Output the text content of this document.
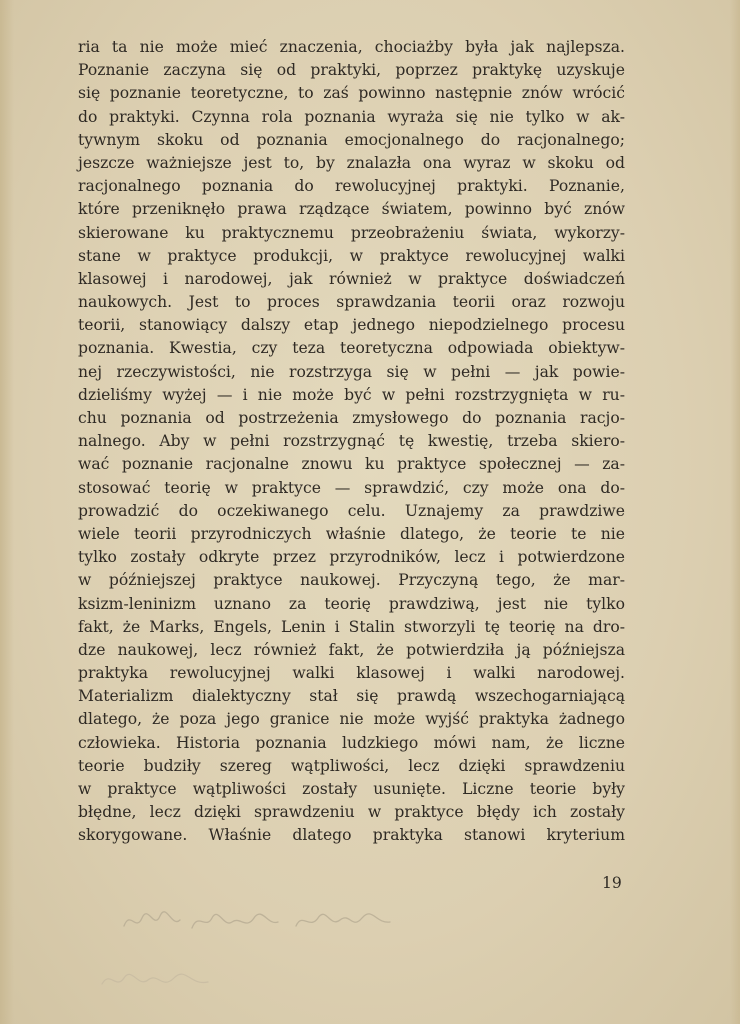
ria ta nie może mieć znaczenia, chociażby była jak najlepsza.
Poznanie zaczyna się od praktyki, poprzez praktykę uzyskuje
się poznanie teoretyczne, to zaś powinno następnie znów wrócić
do praktyki. Czynna rola poznania wyraża się nie tylko w ak-
tywnym skoku od poznania emocjonalnego do racjonalnego;
jeszcze ważniejsze jest to, by znalazła ona wyraz w skoku od
racjonalnego poznania do rewolucyjnej praktyki. Poznanie,
które przeniknęło prawa rządzące światem, powinno być znów
skierowane ku praktycznemu przeobrażeniu świata, wykorzy-
stane w praktyce produkcji, w praktyce rewolucyjnej walki
klasowej i narodowej, jak również w praktyce doświadczeń
naukowych. Jest to proces sprawdzania teorii oraz rozwoju
teorii, stanowiący dalszy etap jednego niepodzielnego procesu
poznania. Kwestia, czy teza teoretyczna odpowiada obiektyw-
nej rzeczywistości, nie rozstrzyga się w pełni — jak powie-
dzieliśmy wyżej — i nie może być w pełni rozstrzygnięta w ru-
chu poznania od postrzeżenia zmysłowego do poznania racjo-
nalnego. Aby w pełni rozstrzygnąć tę kwestię, trzeba skiero-
wać poznanie racjonalne znowu ku praktyce społecznej — za-
stosować teorię w praktyce — sprawdzić, czy może ona do-
prowadzić do oczekiwanego celu. Uznajemy za prawdziwe
wiele teorii przyrodniczych właśnie dlatego, że teorie te nie
tylko zostały odkryte przez przyrodników, lecz i potwierdzone
w późniejszej praktyce naukowej. Przyczyną tego, że mar-
ksizm-leninizm uznano za teorię prawdziwą, jest nie tylko
fakt, że Marks, Engels, Lenin i Stalin stworzyli tę teorię na dro-
dze naukowej, lecz również fakt, że potwierdziła ją późniejsza
praktyka rewolucyjnej walki klasowej i walki narodowej.
Materializm dialektyczny stał się prawdą wszechogarniającą
dlatego, że poza jego granice nie może wyjść praktyka żadnego
człowieka. Historia poznania ludzkiego mówi nam, że liczne
teorie budziły szereg wątpliwości, lecz dzięki sprawdzeniu
w praktyce wątpliwości zostały usunięte. Liczne teorie były
błędne, lecz dzięki sprawdzeniu w praktyce błędy ich zostały
skorygowane. Właśnie dlatego praktyka stanowi kryterium
19
